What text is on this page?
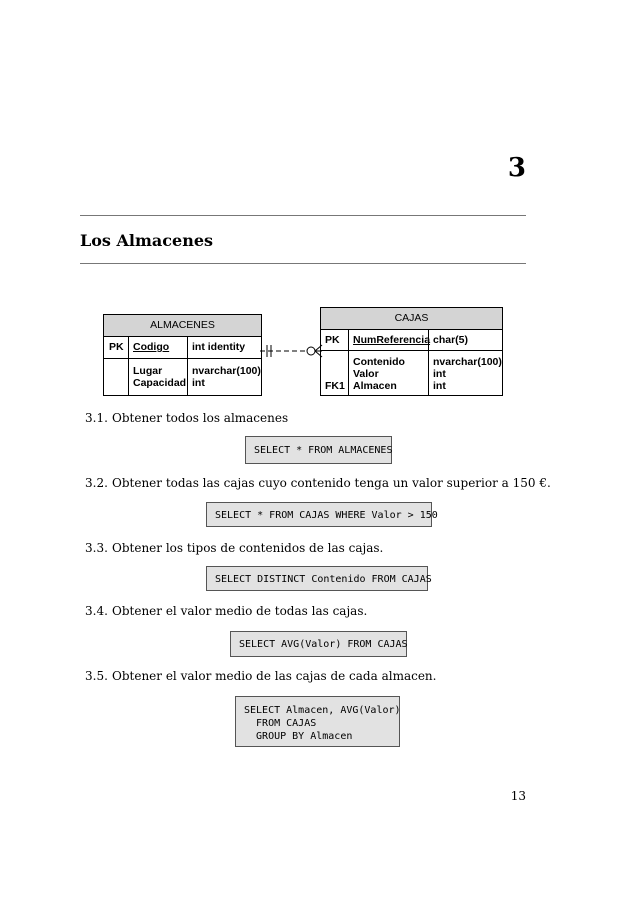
3
Los Almacenes
ALMACENES
PK Codigo int identity
Lugar
Capacidad
nvarchar(100)
int
CAJAS
PK NumReferencia char(5)
FK1
Contenido
Valor
Almacen
nvarchar(100)
int
int
3.1. Obtener todos los almacenes
SELECT * FROM ALMACENES
3.2. Obtener todas las cajas cuyo contenido tenga un valor superior a 150 €.
SELECT * FROM CAJAS WHERE Valor > 150
3.3. Obtener los tipos de contenidos de las cajas.
SELECT DISTINCT Contenido FROM CAJAS
3.4. Obtener el valor medio de todas las cajas.
SELECT AVG(Valor) FROM CAJAS
3.5. Obtener el valor medio de las cajas de cada almacen.
SELECT Almacen, AVG(Valor)
FROM CAJAS
GROUP BY Almacen
13
